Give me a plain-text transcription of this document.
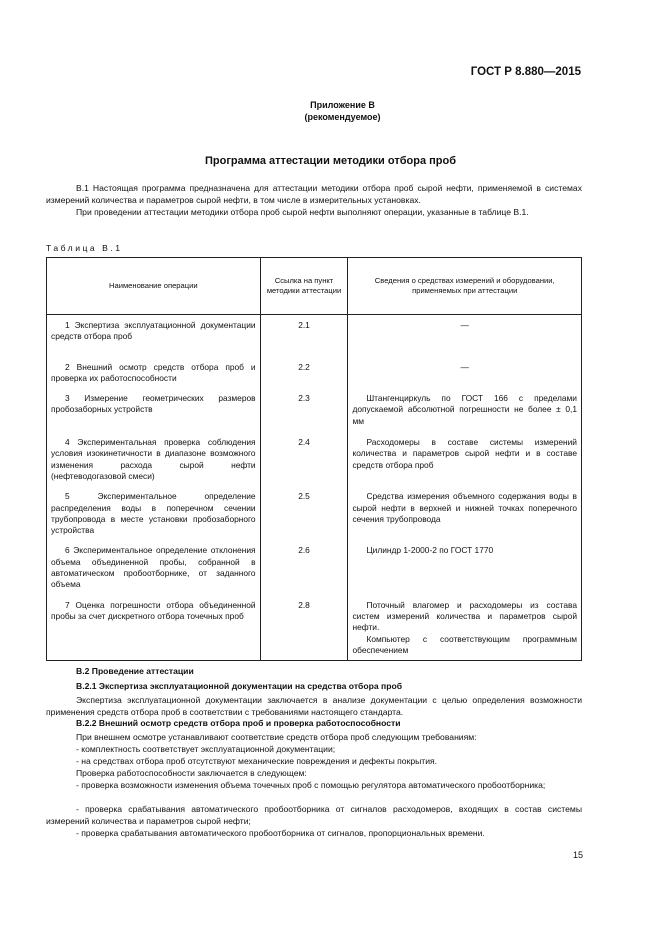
ГОСТ Р 8.880—2015
Приложение В
(рекомендуемое)
Программа аттестации методики отбора проб
В.1 Настоящая программа предназначена для аттестации методики отбора проб сырой нефти, применяемой в системах измерений количества и параметров сырой нефти, в том числе в измерительных установках.
При проведении аттестации методики отбора проб сырой нефти выполняют операции, указанные в таблице В.1.
Таблица В.1
Наименование операции	Ссылка на пункт методики аттестации	Сведения о средствах измерений и оборудовании, применяемых при аттестации
1 Экспертиза эксплуатационной документации средств отбора проб	2.1	—
2 Внешний осмотр средств отбора проб и проверка их работоспособности	2.2	—
3 Измерение геометрических размеров пробозаборных устройств	2.3	Штангенциркуль по ГОСТ 166 с пределами допускаемой абсолютной погрешности не более ± 0,1 мм
4 Экспериментальная проверка соблюдения условия изокинетичности в диапазоне возможного изменения расхода сырой нефти (нефтеводогазовой смеси)	2.4	Расходомеры в составе системы измерений количества и параметров сырой нефти и в составе средств отбора проб
5 Экспериментальное определение распределения воды в поперечном сечении трубопровода в месте установки пробозаборного устройства	2.5	Средства измерения объемного содержания воды в сырой нефти в верхней и нижней точках поперечного сечения трубопровода
6 Экспериментальное определение отклонения объема объединенной пробы, собранной в автоматическом пробоотборнике, от заданного объема	2.6	Цилиндр 1-2000-2 по ГОСТ 1770
7 Оценка погрешности отбора объединенной пробы за счет дискретного отбора точечных проб	2.8	Поточный влагомер и расходомеры из состава систем измерений количества и параметров сырой нефти.

Компьютер с соответствующим программным обеспечением

В.2 Проведение аттестации
В.2.1 Экспертиза эксплуатационной документации на средства отбора проб
Экспертиза эксплуатационной документации заключается в анализе документации с целью определения возможности применения средств отбора проб в соответствии с требованиями настоящего стандарта.
В.2.2 Внешний осмотр средств отбора проб и проверка работоспособности
При внешнем осмотре устанавливают соответствие средств отбора проб следующим требованиям:
- комплектность соответствует эксплуатационной документации;
- на средствах отбора проб отсутствуют механические повреждения и дефекты покрытия.
Проверка работоспособности заключается в следующем:
- проверка возможности изменения объема точечных проб с помощью регулятора автоматического пробоотборника;
- проверка срабатывания автоматического пробоотборника от сигналов расходомеров, входящих в состав системы измерений количества и параметров сырой нефти;
- проверка срабатывания автоматического пробоотборника от сигналов, пропорциональных времени.
15
